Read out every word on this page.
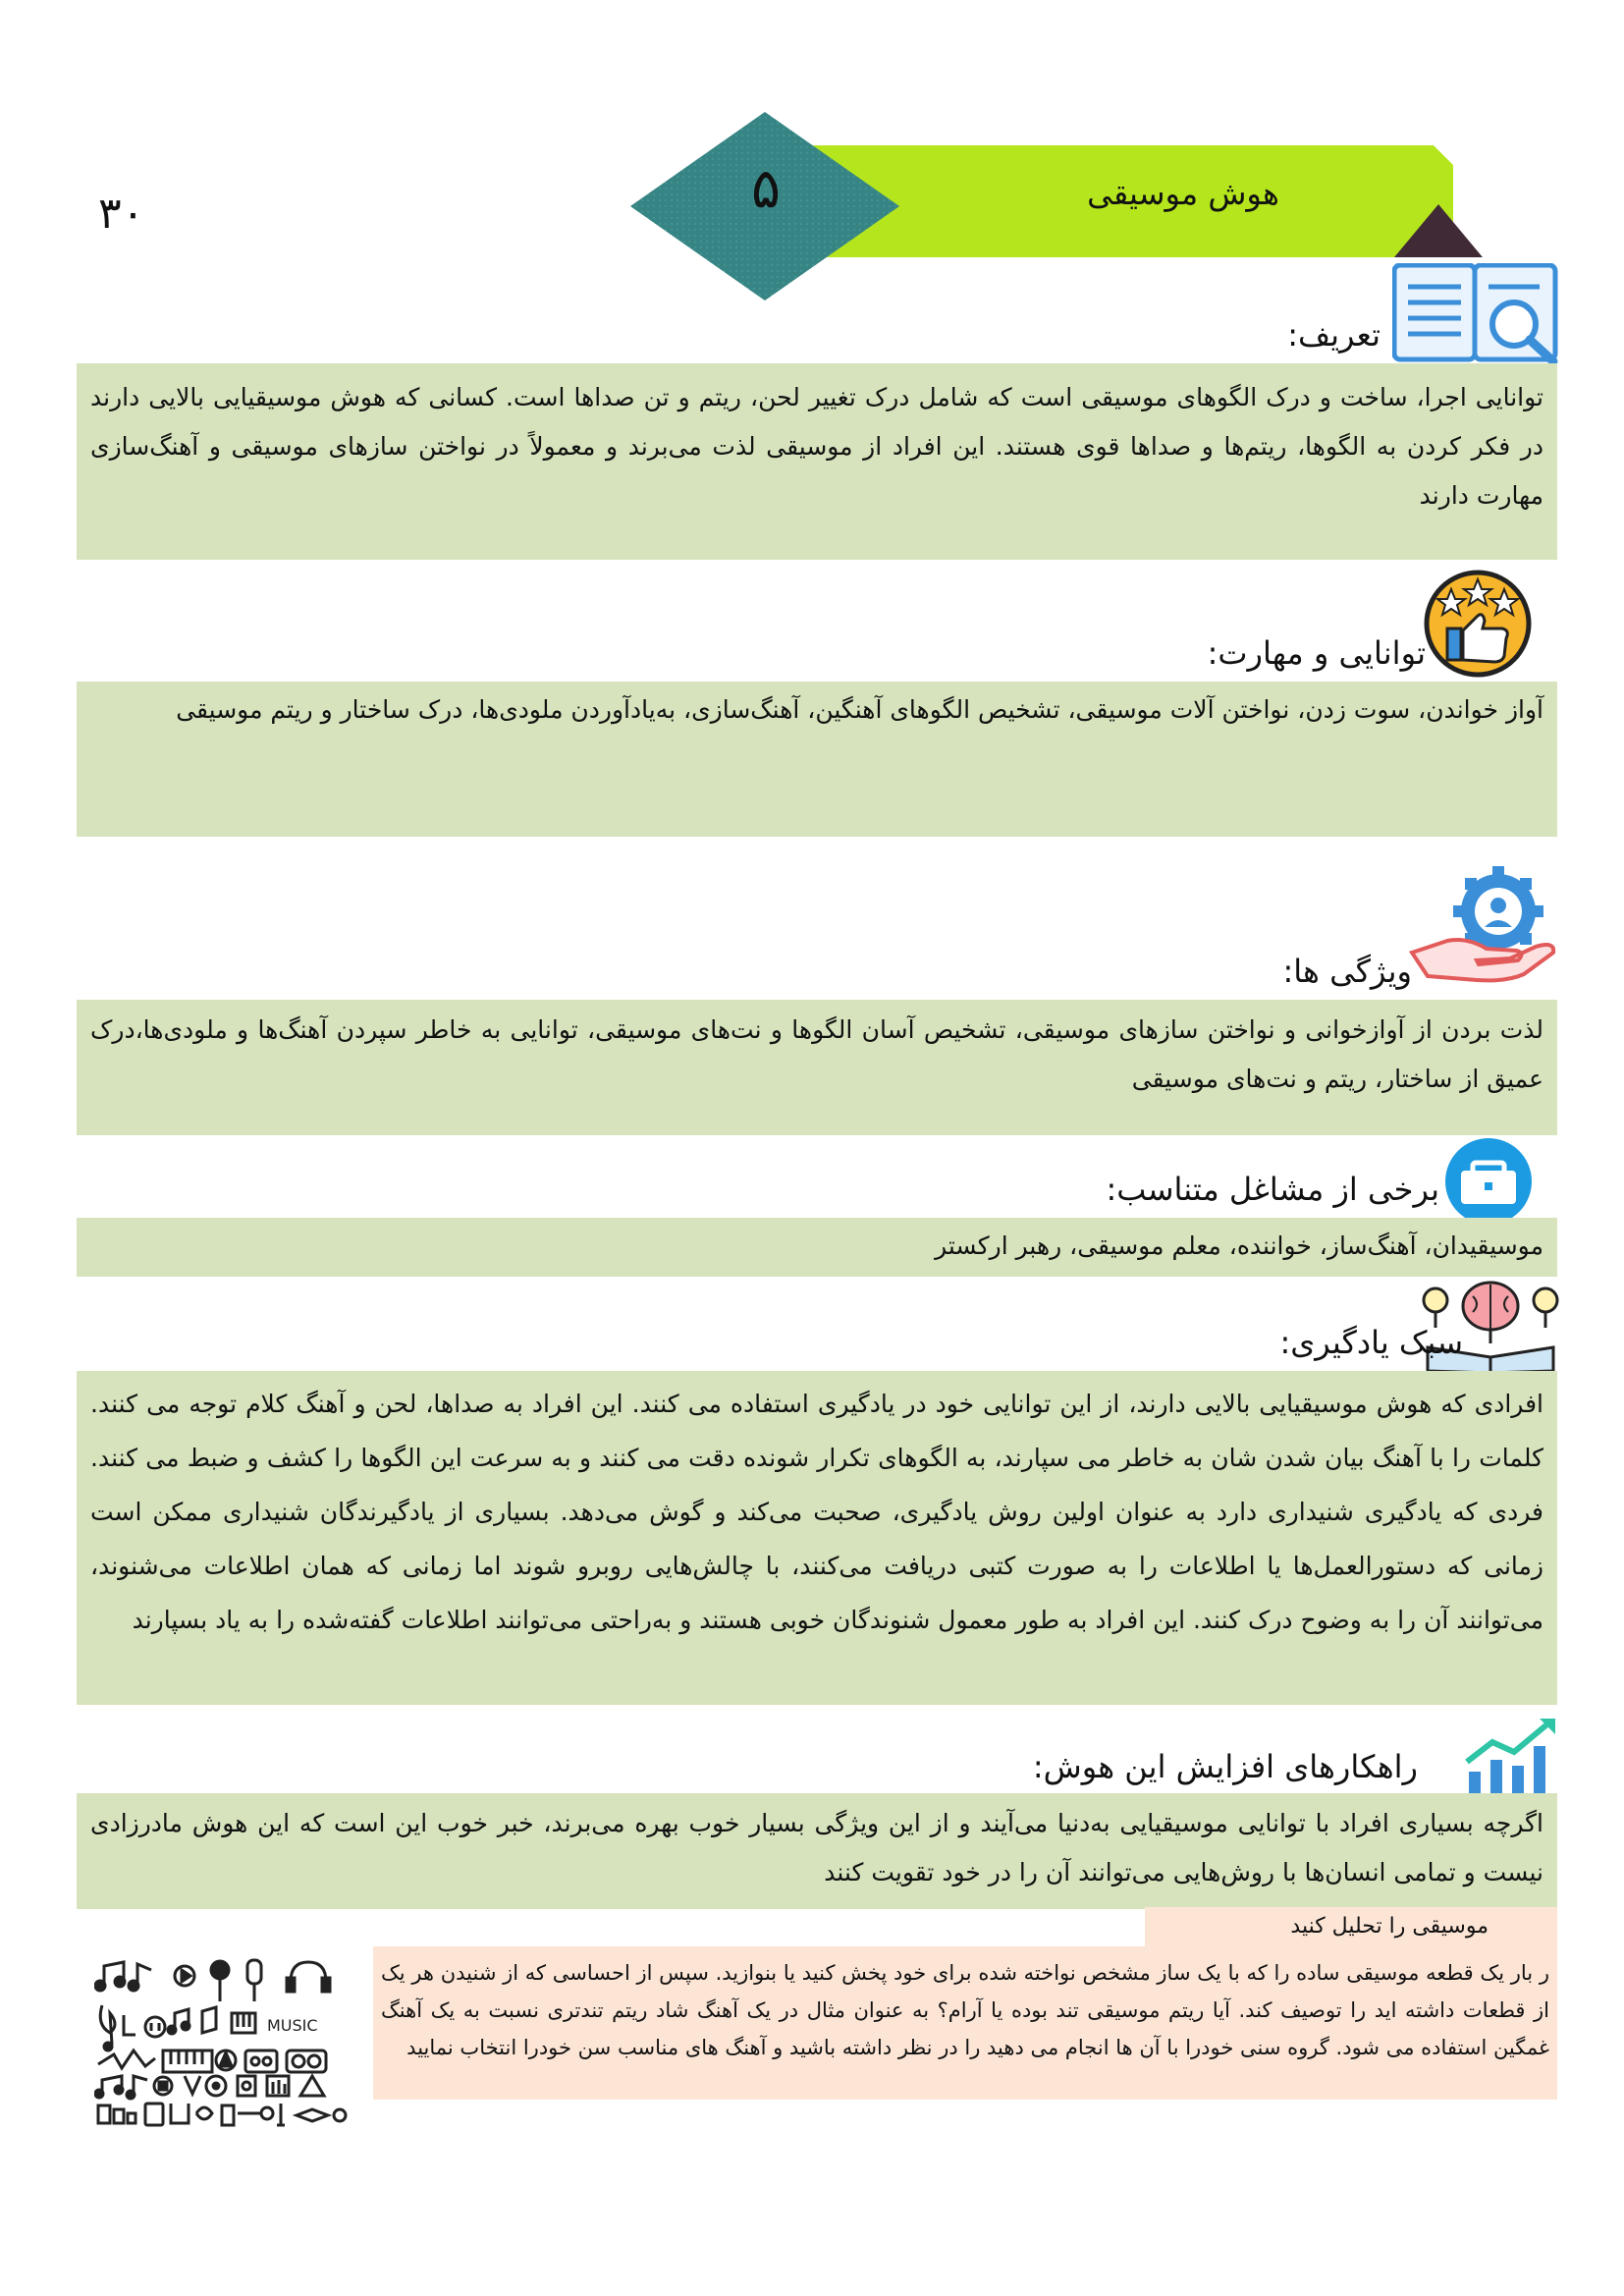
۳۰	۵	هوش موسیقی
تعریف:

توانایی اجرا، ساخت و درک الگوهای موسیقی است که شامل درک تغییر لحن، ریتم و تن صداها است. کسانی که هوش موسیقیایی بالایی دارند در فکر کردن به الگوها، ریتم‌ها و صداها قوی هستند. این افراد از موسیقی لذت می‌برند و معمولاً در نواختن سازهای موسیقی و آهنگ‌سازی مهارت دارند

توانایی و مهارت:

آواز خواندن، سوت زدن، نواختن آلات موسیقی، تشخیص الگوهای آهنگین، آهنگ‌سازی، به‌یادآوردن ملودی‌ها، درک ساختار و ریتم موسیقی

ویژگی ها:

لذت بردن از آوازخوانی و نواختن سازهای موسیقی، تشخیص آسان الگوها و نت‌های موسیقی، توانایی به خاطر سپردن آهنگ‌ها و ملودی‌ها،درک عمیق از ساختار، ریتم و نت‌های موسیقی

برخی از مشاغل متناسب:

موسیقیدان، آهنگ‌ساز، خواننده، معلم موسیقی، رهبر ارکستر

سبک یادگیری:

افرادی که هوش موسیقیایی بالایی دارند، از این توانایی خود در یادگیری استفاده می کنند. این افراد به صداها، لحن و آهنگ کلام توجه می کنند. کلمات را با آهنگ بیان شدن شان به خاطر می سپارند، به الگوهای تکرار شونده دقت می کنند و به سرعت این الگوها را کشف و ضبط می کنند. فردی که یادگیری شنیداری دارد به عنوان اولین روش یادگیری، صحبت می‌کند و گوش می‌دهد. بسیاری از یادگیرندگان شنیداری ممکن است زمانی که دستورالعمل‌ها یا اطلاعات را به صورت کتبی دریافت می‌کنند، با چالش‌هایی روبرو شوند اما زمانی که همان اطلاعات می‌شنوند، می‌توانند آن را به وضوح درک کنند. این افراد به طور معمول شنوندگان خوبی هستند و به‌راحتی می‌توانند اطلاعات گفته‌شده را به یاد بسپارند

راهکارهای افزایش این هوش:

اگرچه بسیاری افراد با توانایی موسیقیایی به‌دنیا می‌آیند و از این ویژگی بسیار خوب بهره می‌برند، خبر خوب این است که این هوش مادرزادی نیست و تمامی انسان‌ها با روش‌هایی می‌توانند آن را در خود تقویت کنند

موسیقی را تحلیل کنید

ر بار یک قطعه موسیقی ساده را که با یک ساز مشخص نواخته شده برای خود پخش کنید یا بنوازید. سپس از احساسی که از شنیدن هر یک از قطعات داشته اید را توصیف کند. آیا ریتم موسیقی تند بوده یا آرام؟ به عنوان مثال در یک آهنگ شاد ریتم تندتری نسبت به یک آهنگ غمگین استفاده می شود. گروه سنی خودرا با آن ها انجام می دهید را در نظر داشته باشید و آهنگ های مناسب سن خودرا انتخاب نمایید

MUSIC
